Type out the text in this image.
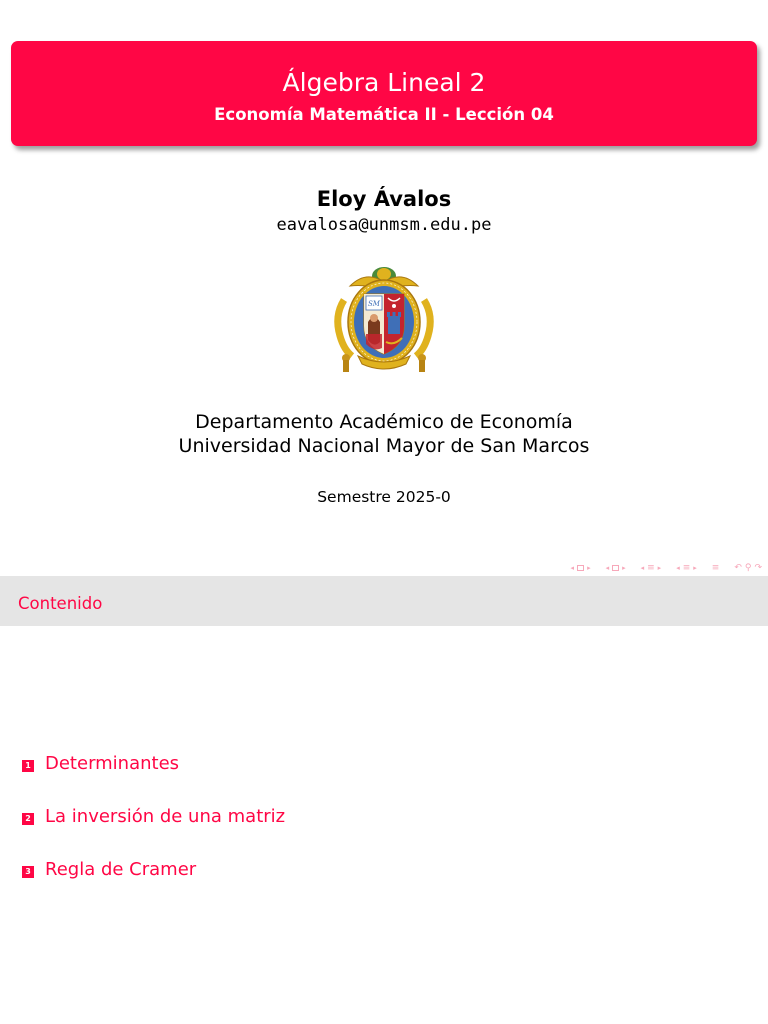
Álgebra Lineal 2
Economía Matemática II - Lección 04
Eloy Ávalos
eavalosa@unmsm.edu.pe
SM
Departamento Académico de Economía
Universidad Nacional Mayor de San Marcos
Semestre 2025-0
◂ ▸ ◂ ▸ ◂ ≡ ▸ ◂ ≡ ▸ ≡ ↶ ⚲ ↷
Contenido
1 Determinantes
2 La inversión de una matriz
3 Regla de Cramer
